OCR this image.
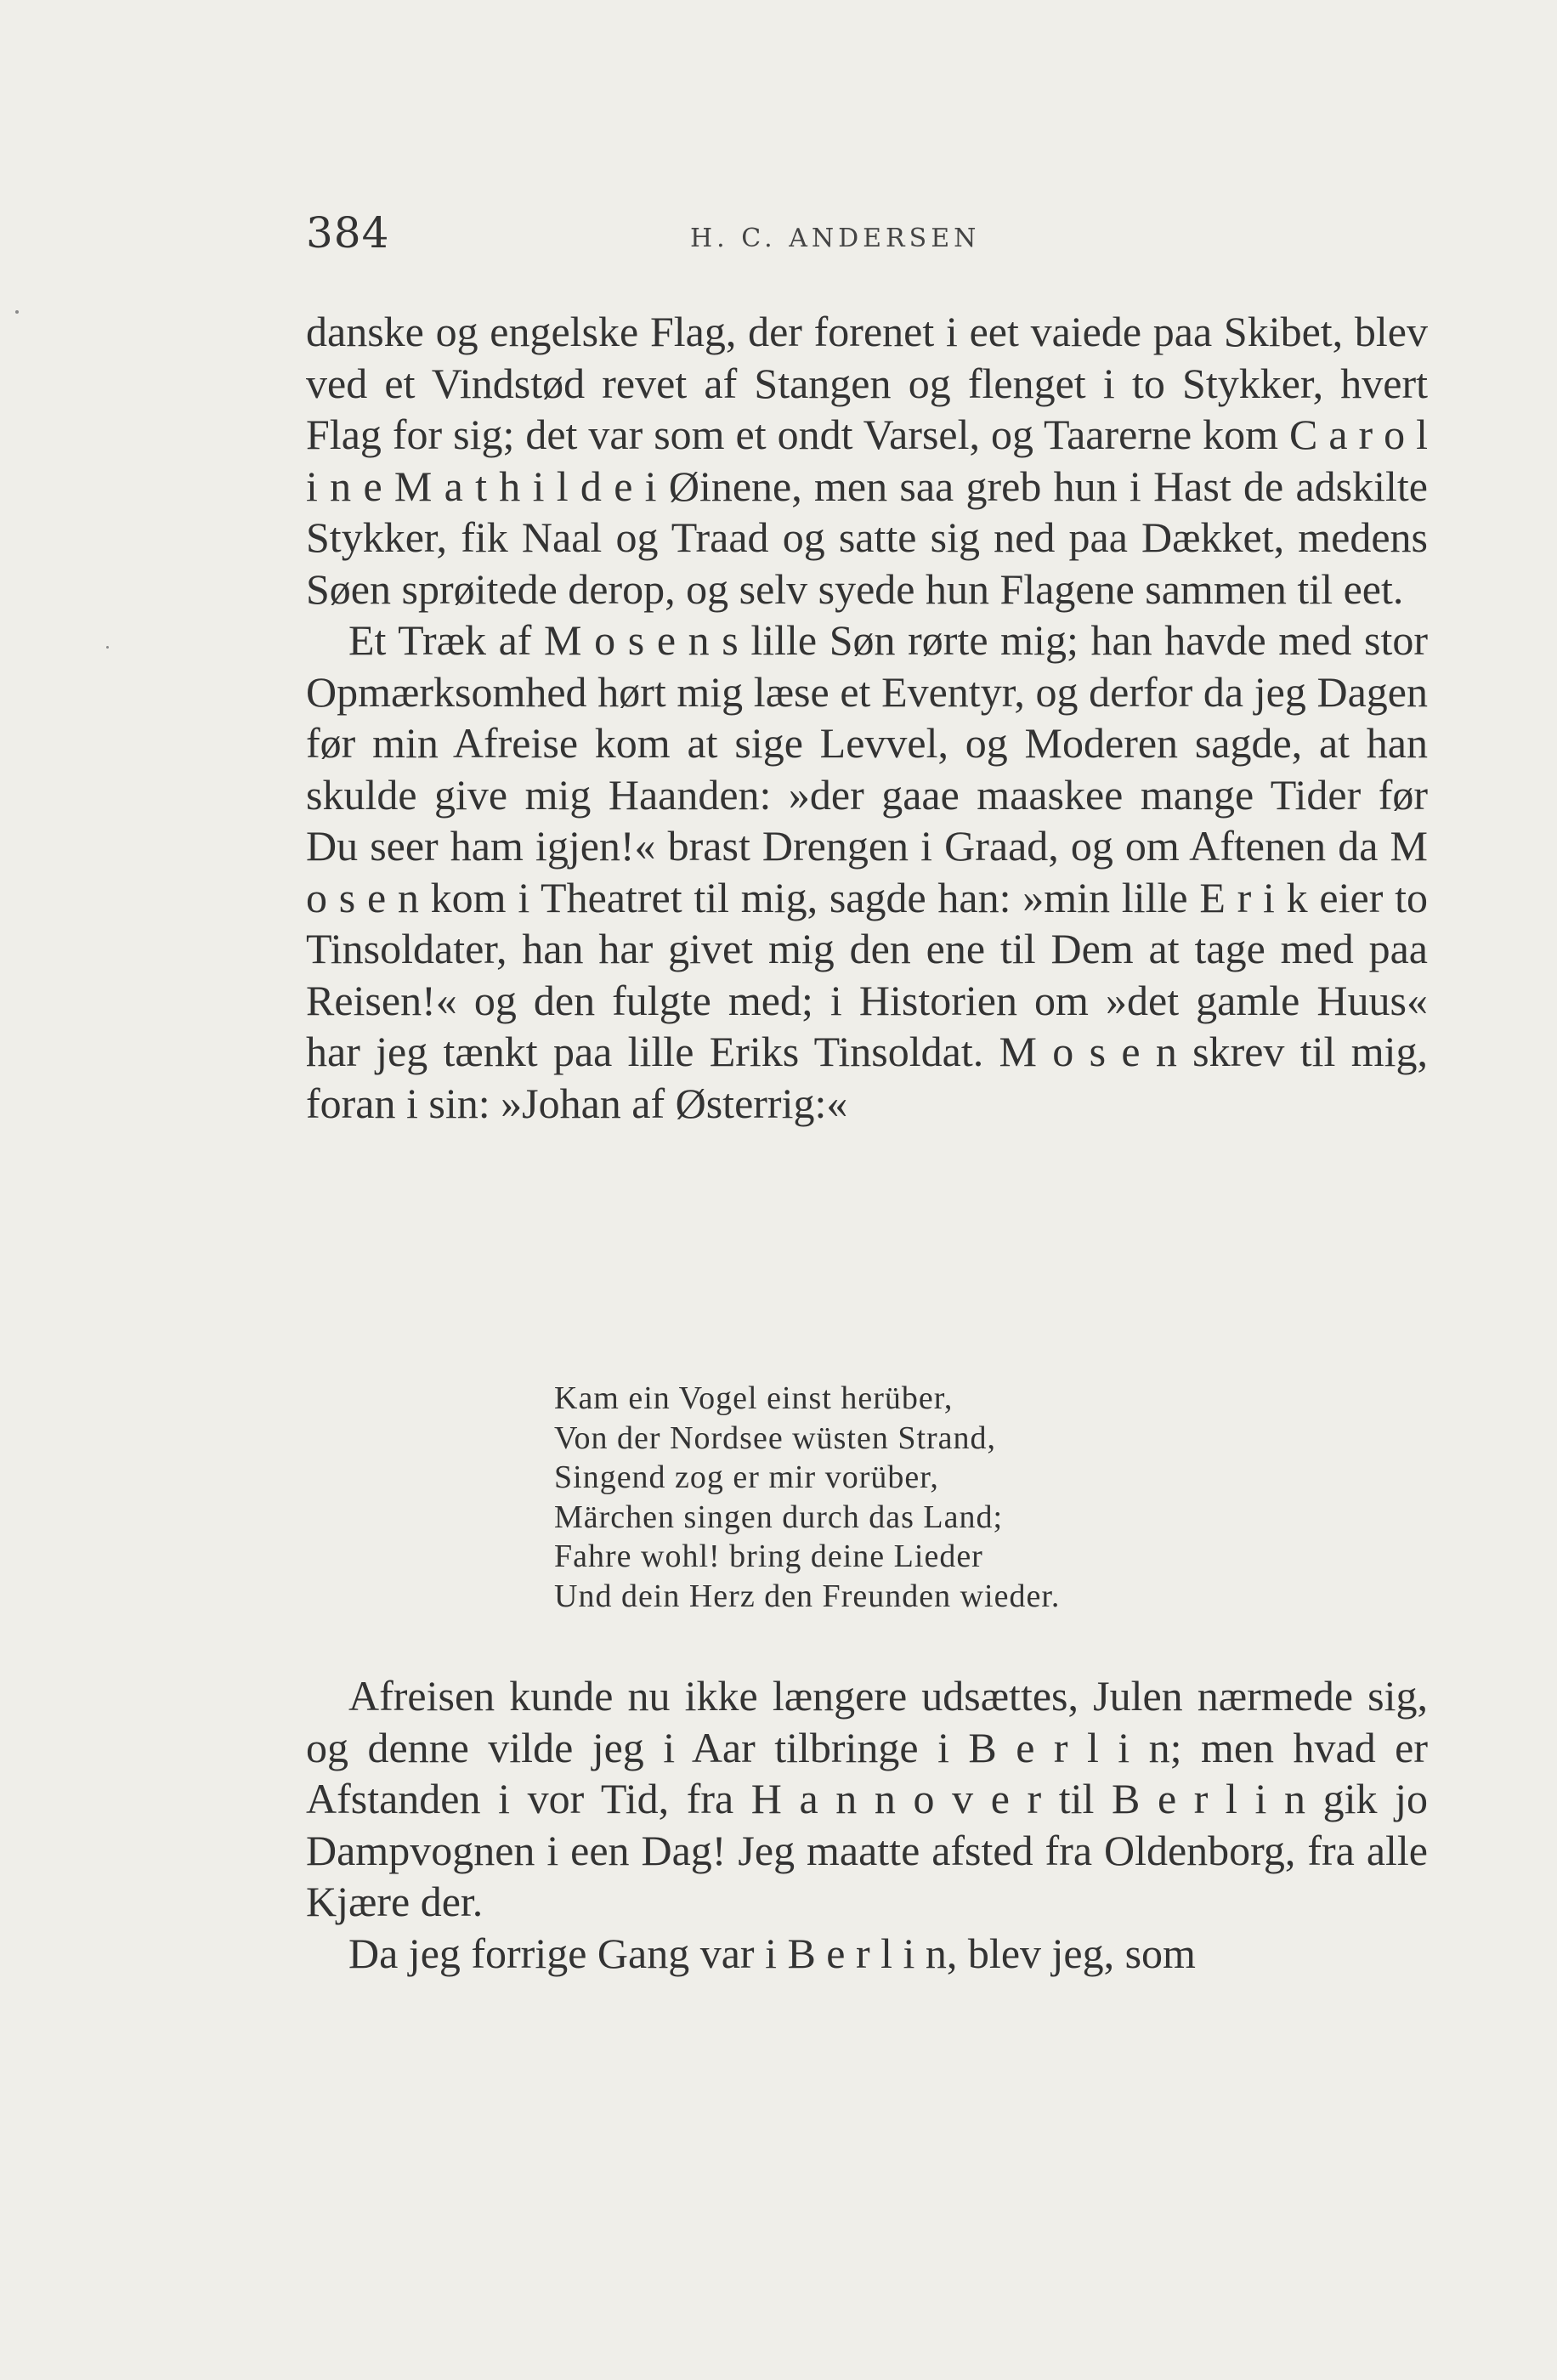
384	H. C. ANDERSEN

danske og engelske Flag, der forenet i eet vaiede paa Skibet, blev ved et Vindstød revet af Stangen og flenget i to Stykker, hvert Flag for sig; det var som et ondt Varsel, og Taarerne kom C a r o l i n e M a t h i l d e i Øinene, men saa greb hun i Hast de adskilte Stykker, fik Naal og Traad og satte sig ned paa Dækket, medens Søen sprøitede derop, og selv syede hun Flagene sammen til eet.

Et Træk af M o s e n s lille Søn rørte mig; han havde med stor Opmærksomhed hørt mig læse et Eventyr, og derfor da jeg Dagen før min Afreise kom at sige Levvel, og Moderen sagde, at han skulde give mig Haanden: »der gaae maaskee mange Tider før Du seer ham igjen!« brast Drengen i Graad, og om Aftenen da M o s e n kom i Theatret til mig, sagde han: »min lille E r i k eier to Tinsoldater, han har givet mig den ene til Dem at tage med paa Reisen!« og den fulgte med; i Historien om »det gamle Huus« har jeg tænkt paa lille Eriks Tinsoldat. M o s e n skrev til mig, foran i sin: »Johan af Østerrig:«

Kam ein Vogel einst herüber,
Von der Nordsee wüsten Strand,
Singend zog er mir vorüber,
Märchen singen durch das Land;
Fahre wohl! bring deine Lieder
Und dein Herz den Freunden wieder.

Afreisen kunde nu ikke længere udsættes, Julen nærmede sig, og denne vilde jeg i Aar tilbringe i B e r l i n; men hvad er Afstanden i vor Tid, fra H a n n o v e r til B e r l i n gik jo Dampvognen i een Dag! Jeg maatte afsted fra Oldenborg, fra alle Kjære der.

Da jeg forrige Gang var i B e r l i n, blev jeg, som
